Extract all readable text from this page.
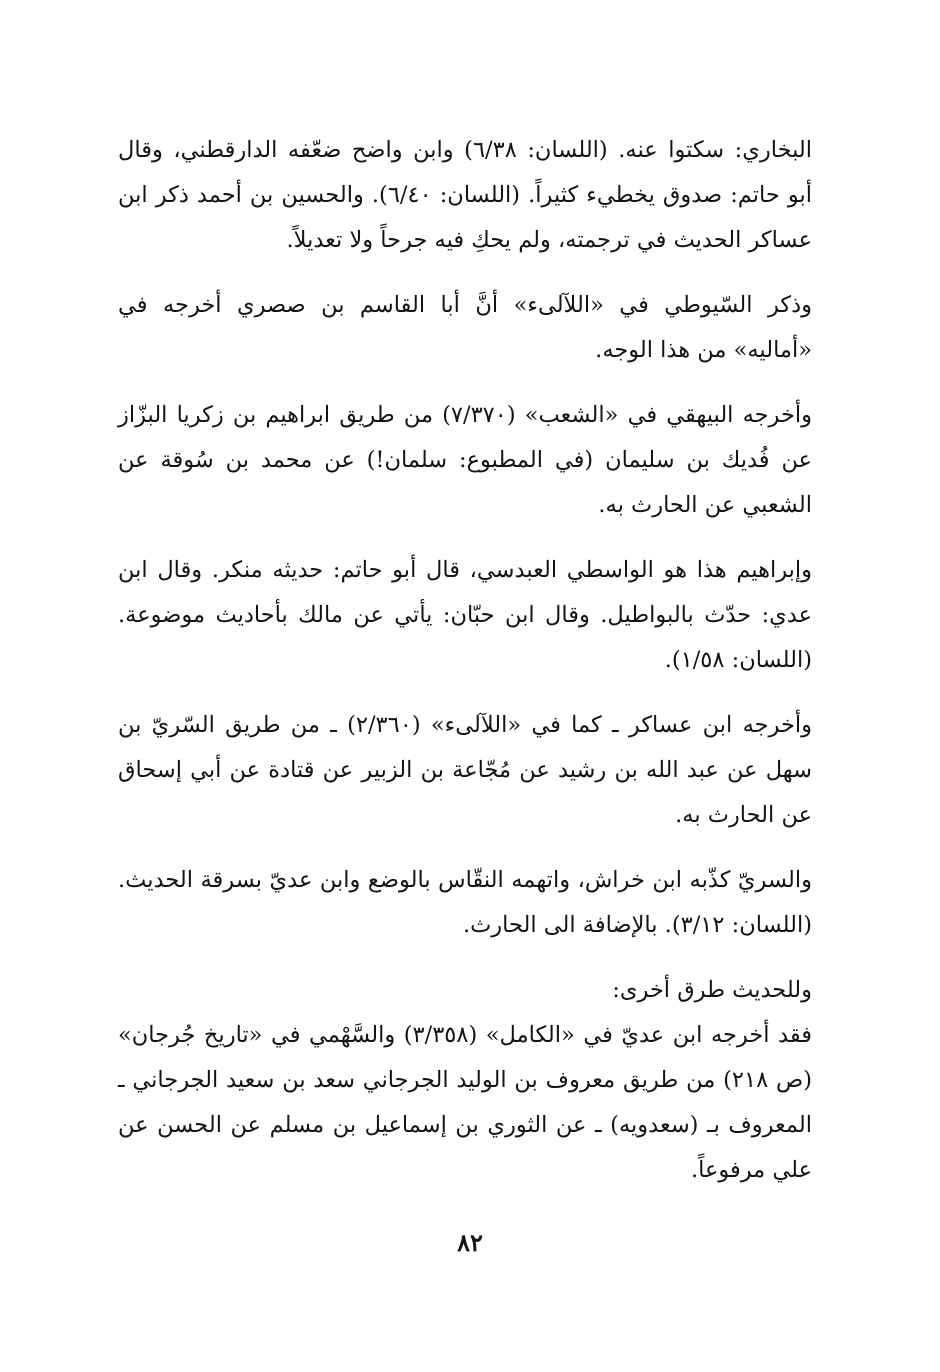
البخاري: سكتوا عنه. (اللسان: ٦/٣٨) وابن واضح ضعّفه الدارقطني، وقال أبو حاتم: صدوق يخطيء كثيراً. (اللسان: ٦/٤٠). والحسين بن أحمد ذكر ابن عساكر الحديث في ترجمته، ولم يحكِ فيه جرحاً ولا تعديلاً.

وذكر السّيوطي في «اللآلىء» أنَّ أبا القاسم بن صصري أخرجه في «أماليه» من هذا الوجه.

وأخرجه البيهقي في «الشعب» (٧/٣٧٠) من طريق ابراهيم بن زكريا البزّاز عن فُديك بن سليمان (في المطبوع: سلمان!) عن محمد بن سُوقة عن الشعبي عن الحارث به.

وإبراهيم هذا هو الواسطي العبدسي، قال أبو حاتم: حديثه منكر. وقال ابن عدي: حدّث بالبواطيل. وقال ابن حبّان: يأتي عن مالك بأحاديث موضوعة. (اللسان: ١/٥٨).

وأخرجه ابن عساكر ـ كما في «اللآلىء» (٢/٣٦٠) ـ من طريق السّريّ بن سهل عن عبد الله بن رشيد عن مُجّاعة بن الزبير عن قتادة عن أبي إسحاق عن الحارث به.

والسريّ كذّبه ابن خراش، واتهمه النقّاس بالوضع وابن عديّ بسرقة الحديث. (اللسان: ٣/١٢). بالإضافة الى الحارث.

وللحديث طرق أخرى:

فقد أخرجه ابن عديّ في «الكامل» (٣/٣٥٨) والسَّهْمي في «تاريخ جُرجان» (ص ٢١٨) من طريق معروف بن الوليد الجرجاني سعد بن سعيد الجرجاني ـ المعروف بـ (سعدويه) ـ عن الثوري بن إسماعيل بن مسلم عن الحسن عن علي مرفوعاً.

٨٢
